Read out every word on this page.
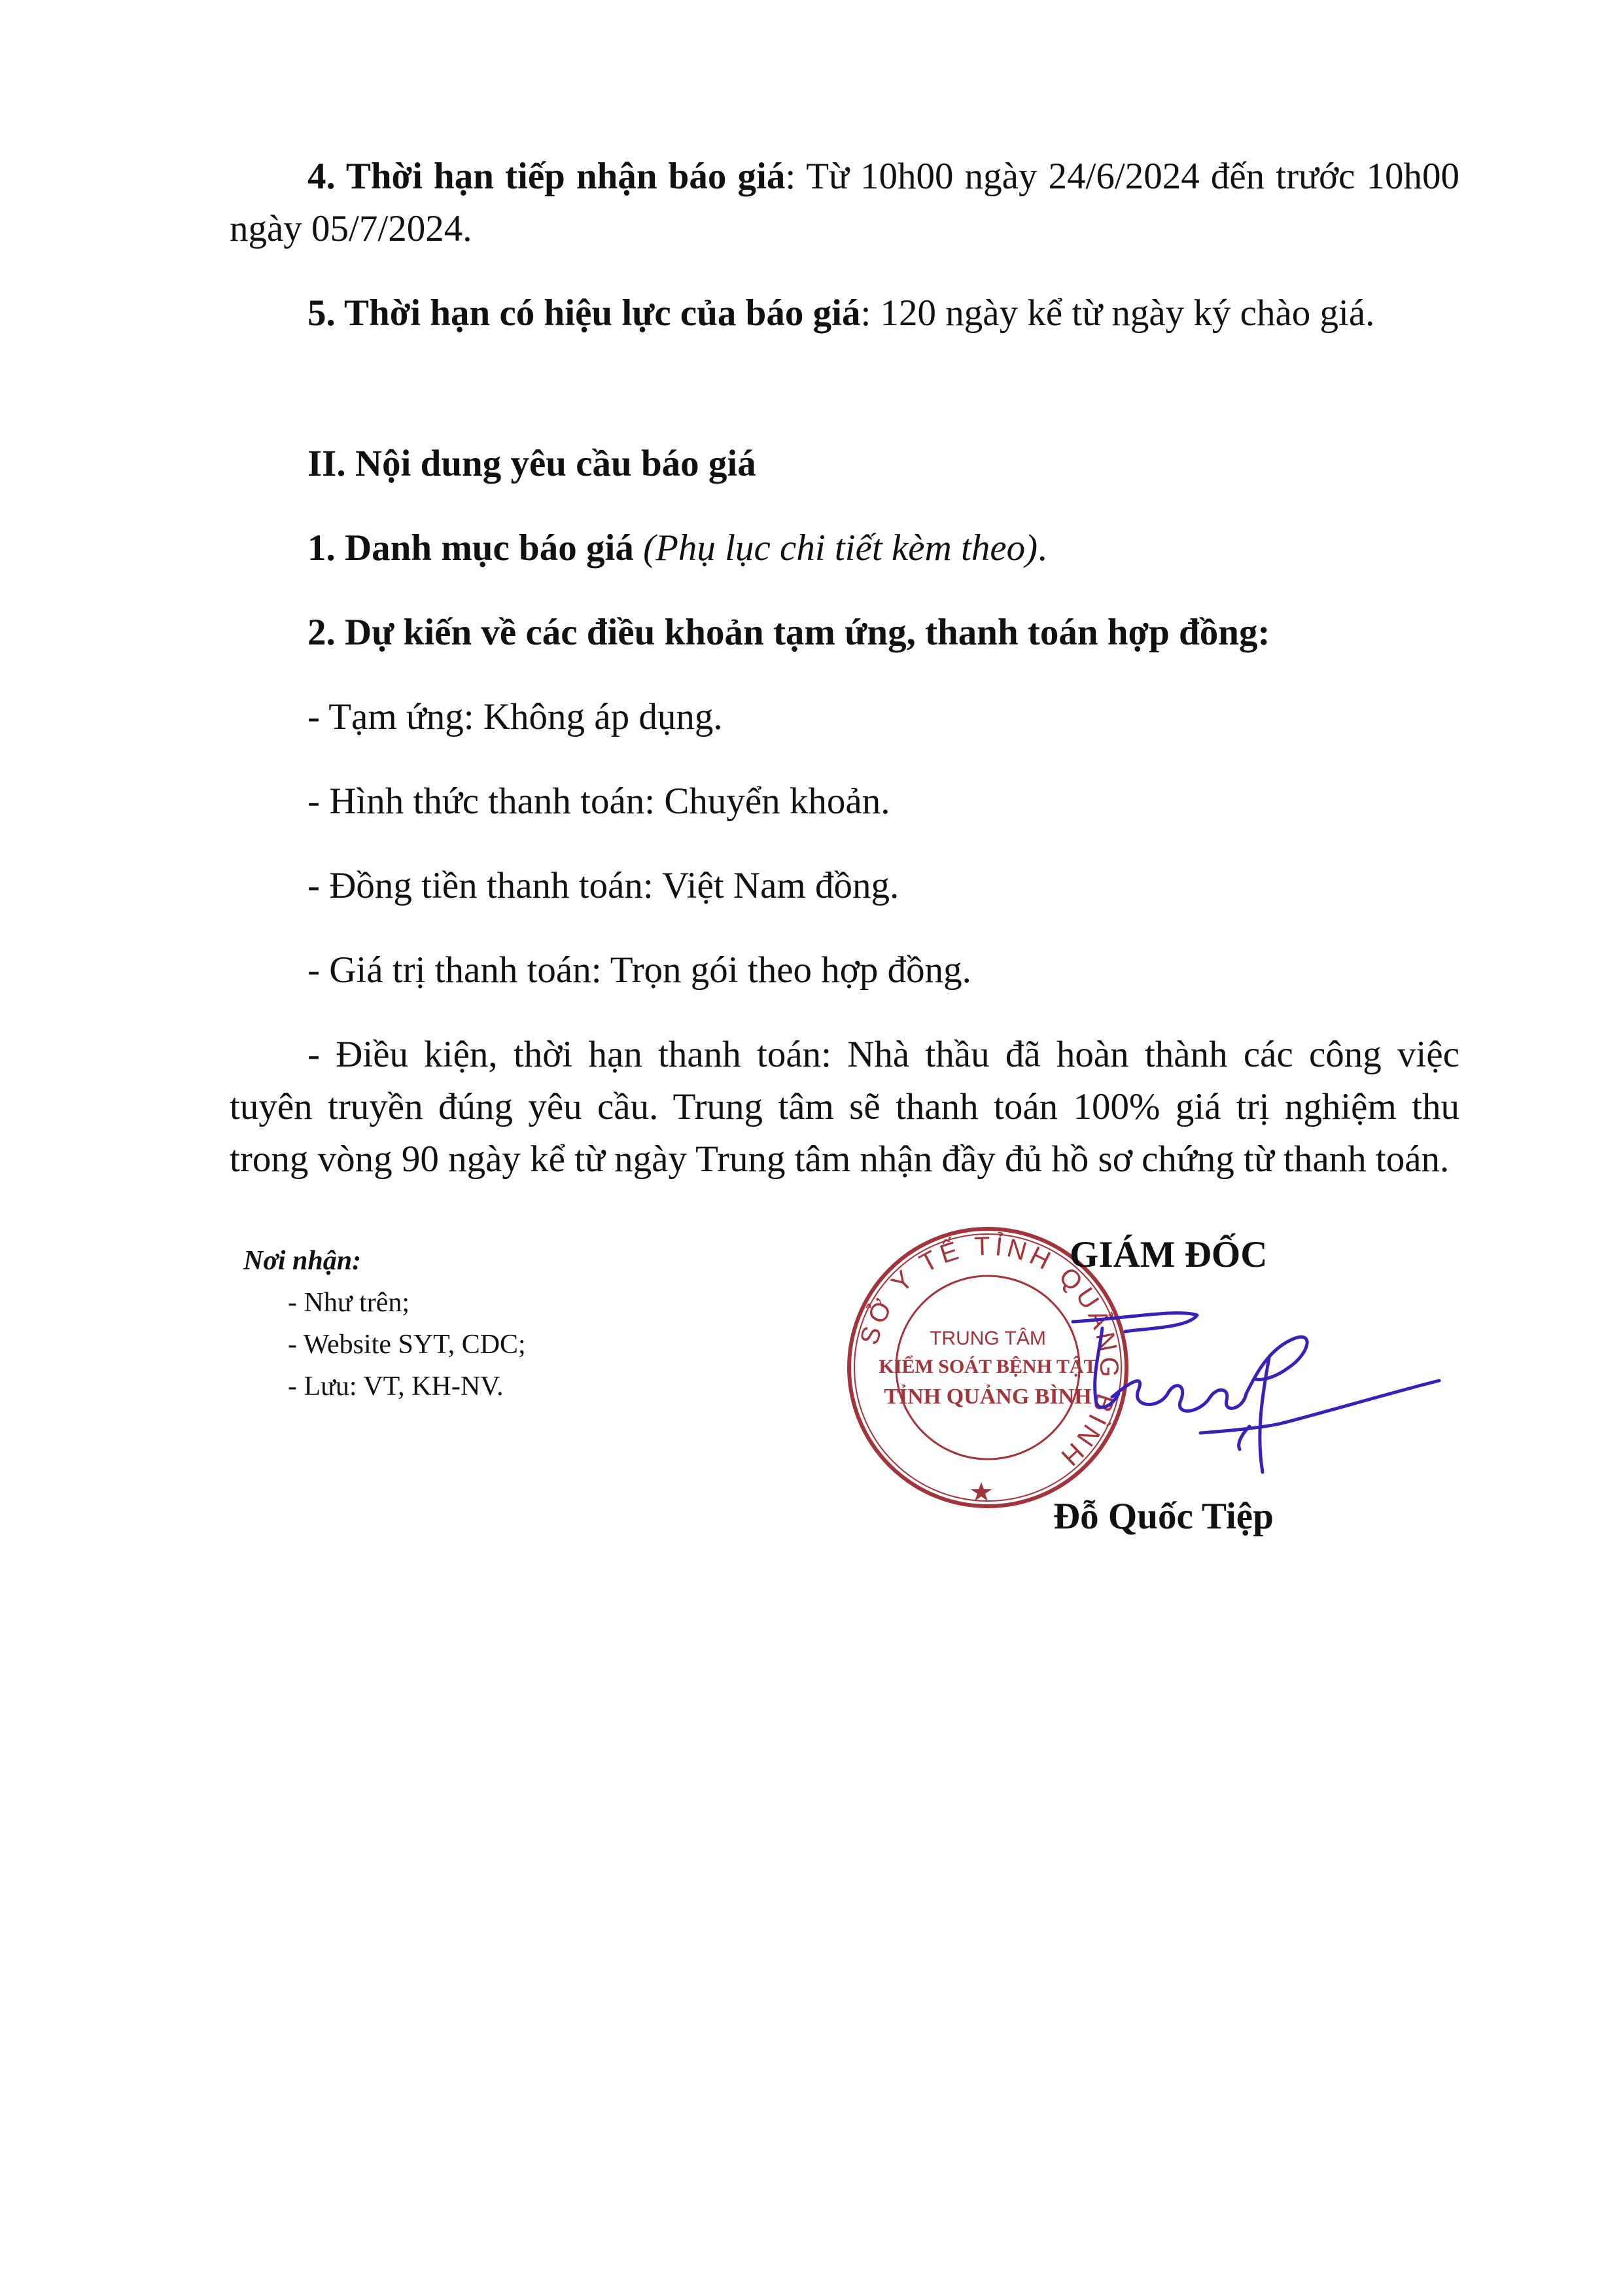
4. Thời hạn tiếp nhận báo giá: Từ 10h00 ngày 24/6/2024 đến trước 10h00 ngày 05/7/2024.

5. Thời hạn có hiệu lực của báo giá: 120 ngày kể từ ngày ký chào giá.

II. Nội dung yêu cầu báo giá

1. Danh mục báo giá (Phụ lục chi tiết kèm theo).

2. Dự kiến về các điều khoản tạm ứng, thanh toán hợp đồng:

- Tạm ứng: Không áp dụng.

- Hình thức thanh toán: Chuyển khoản.

- Đồng tiền thanh toán: Việt Nam đồng.

- Giá trị thanh toán: Trọn gói theo hợp đồng.

- Điều kiện, thời hạn thanh toán: Nhà thầu đã hoàn thành các công việc tuyên truyền đúng yêu cầu. Trung tâm sẽ thanh toán 100% giá trị nghiệm thu trong vòng 90 ngày kể từ ngày Trung tâm nhận đầy đủ hồ sơ chứng từ thanh toán.

Nơi nhận:
- Như trên;
- Website SYT, CDC;
- Lưu: VT, KH-NV.
SỞ Y TẾ TỈNH QUẢNG BÌNH
TRUNG TÂM
KIỂM SOÁT BỆNH TẬT
TỈNH QUẢNG BÌNH
GIÁM ĐỐC
Đỗ Quốc Tiệp
